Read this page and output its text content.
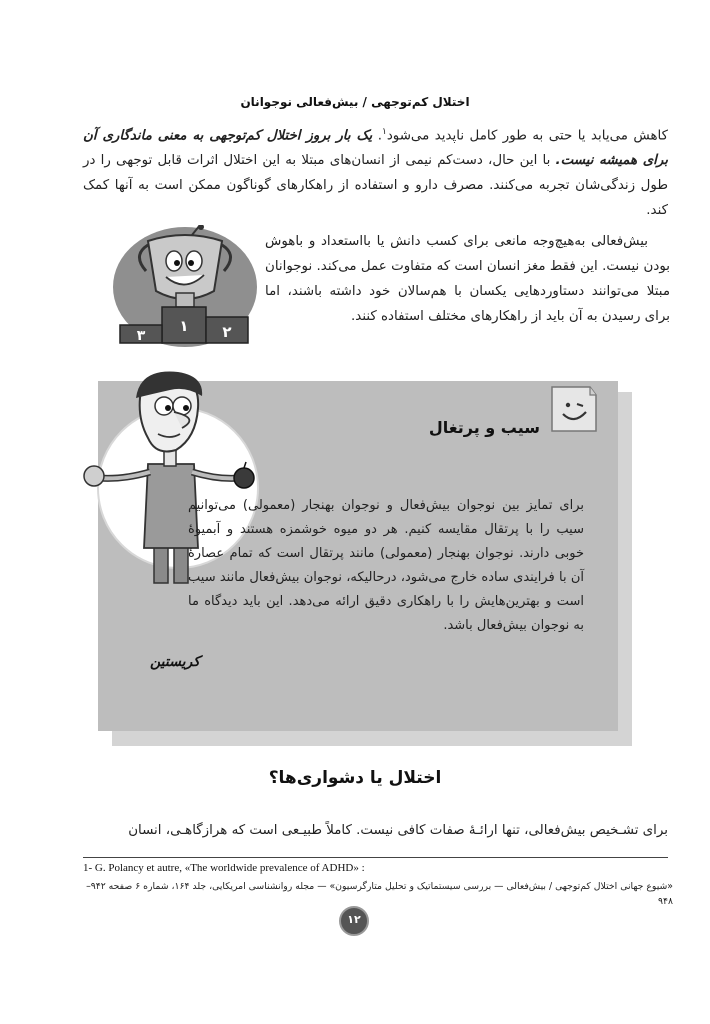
اختلال کم‌توجهی / بیش‌فعالی نوجوانان
کاهش می‌یابد یا حتی به طور کامل ناپدید می‌شود$^۱$. یک بار بروز اختلال کم‌توجهی به معنی ماندگاری آن برای همیشه نیست. با این حال، دست‌کم نیمی از انسان‌های مبتلا به این اختلال اثرات قابل توجهی را در طول زندگی‌شان تجربه می‌کنند. مصرف دارو و استفاده از راهکارهای گوناگون ممکن است به آنها کمک کند.
۱ ۲
۳
بیش‌فعالی به‌هیچ‌وجه مانعی برای کسب دانش یا بااستعداد و باهوش بودن نیست. این فقط مغز انسان است که متفاوت عمل می‌کند. نوجوانان مبتلا می‌توانند دستاوردهایی یکسان با هم‌سالان خود داشته باشند، اما برای رسیدن به آن باید از راهکارهای مختلف استفاده کنند.
سیب و پرتغال
برای تمایز بین نوجوان بیش‌فعال و نوجوان بهنجار (معمولی) می‌توانیم سیب را با پرتقال مقایسه کنیم. هر دو میوه خوشمزه هستند و آبمیوهٔ خوبی دارند. نوجوان بهنجار (معمولی) مانند پرتقال است که تمام عصارهٔ آن با فرایندی ساده خارج می‌شود، درحالیکه، نوجوان بیش‌فعال مانند سیب است و بهترین‌هایش را با راهکاری دقیق ارائه می‌دهد. این باید دیدگاه ما به نوجوان بیش‌فعال باشد.
کریستین
اختلال یا دشواری‌ها؟
برای تشـخیص بیش‌فعالی، تنها ارائـهٔ صفات کافی نیست. کاملاً طبیـعی است که هرازگاهـی، انسان
1- G. Polancy et autre, «The worldwide prevalence of ADHD» :
«شیوع جهانی اختلال کم‌توجهی / بیش‌فعالی — بررسی سیستماتیک و تحلیل متارگرسیون» — مجله روانشناسی امریکایی، جلد ۱۶۴، شماره ۶ صفحه ۹۴۲–۹۴۸
۱۲
